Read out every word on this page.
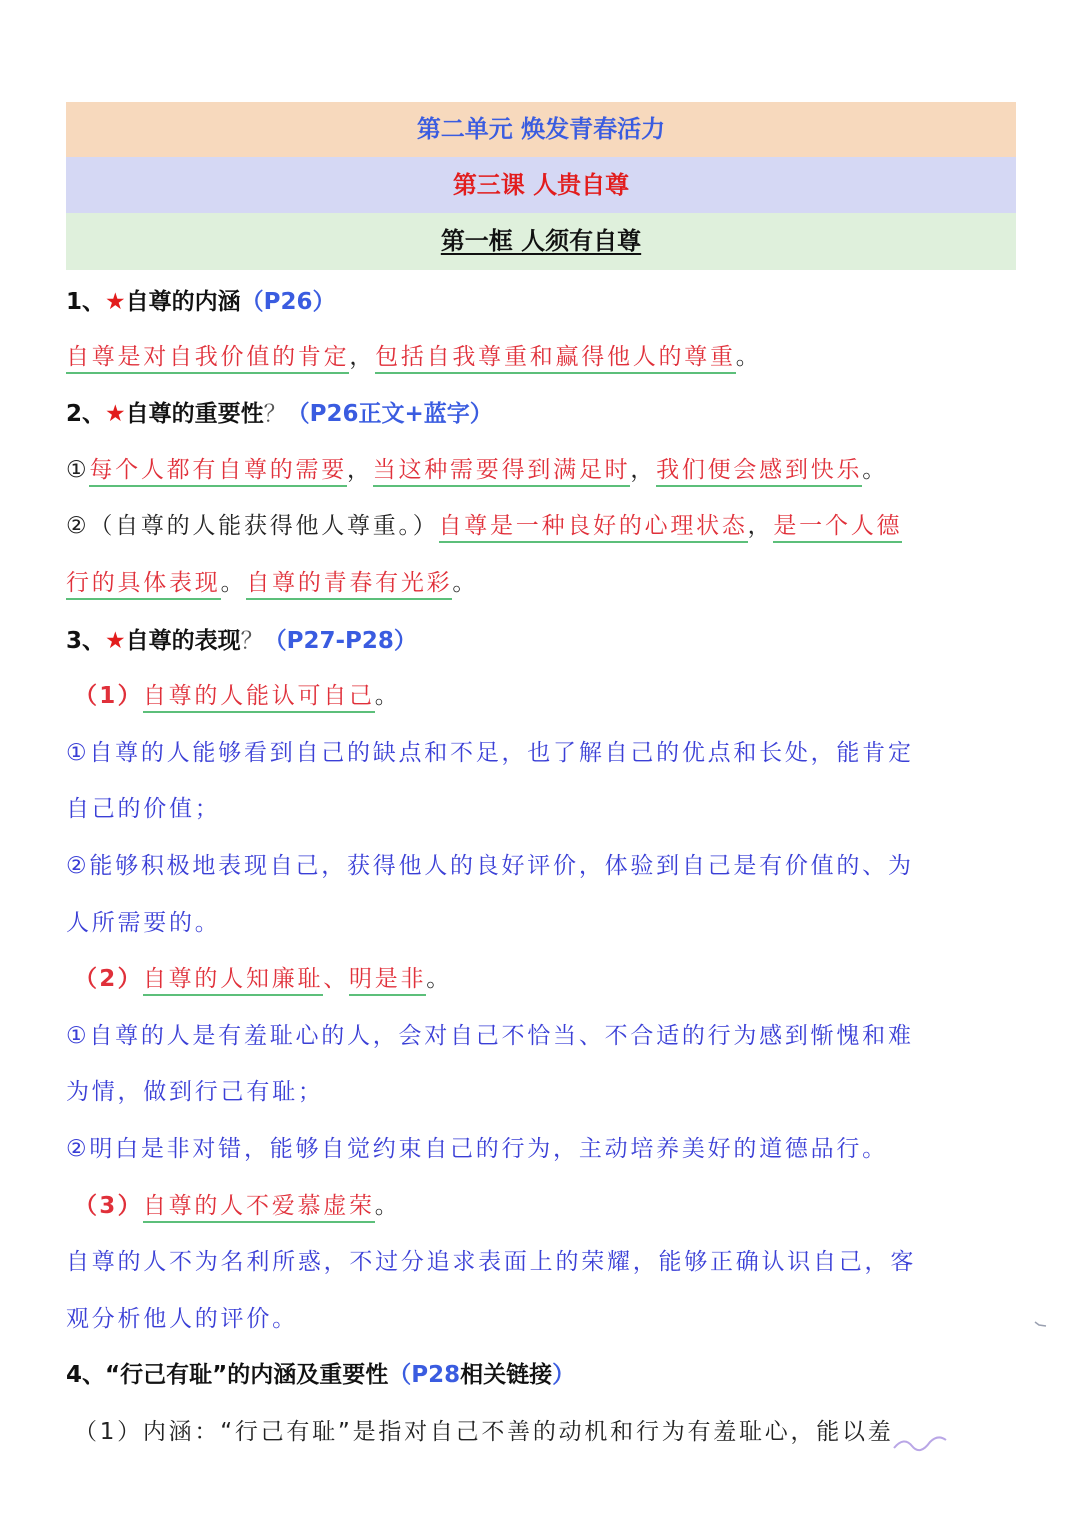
第二单元 焕发青春活力
第三课 人贵自尊
第一框 人须有自尊
1、★自尊的内涵（P26）
自尊是对自我价值的肯定，包括自我尊重和赢得他人的尊重。
2、★自尊的重要性？（P26正文+蓝字）
①每个人都有自尊的需要，当这种需要得到满足时，我们便会感到快乐。
②（自尊的人能获得他人尊重。）自尊是一种良好的心理状态，是一个人德
行的具体表现。自尊的青春有光彩。
3、★自尊的表现？（P27-P28）
（1）自尊的人能认可自己。
①自尊的人能够看到自己的缺点和不足，也了解自己的优点和长处，能肯定
自己的价值；
②能够积极地表现自己，获得他人的良好评价，体验到自己是有价值的、为
人所需要的。
（2）自尊的人知廉耻、明是非。
①自尊的人是有羞耻心的人，会对自己不恰当、不合适的行为感到惭愧和难
为情，做到行己有耻；
②明白是非对错，能够自觉约束自己的行为，主动培养美好的道德品行。
（3）自尊的人不爱慕虚荣。
自尊的人不为名利所惑，不过分追求表面上的荣耀，能够正确认识自己，客
观分析他人的评价。
4、“行己有耻”的内涵及重要性（P28相关链接）
（1）内涵：“行己有耻”是指对自己不善的动机和行为有羞耻心，能以羞
